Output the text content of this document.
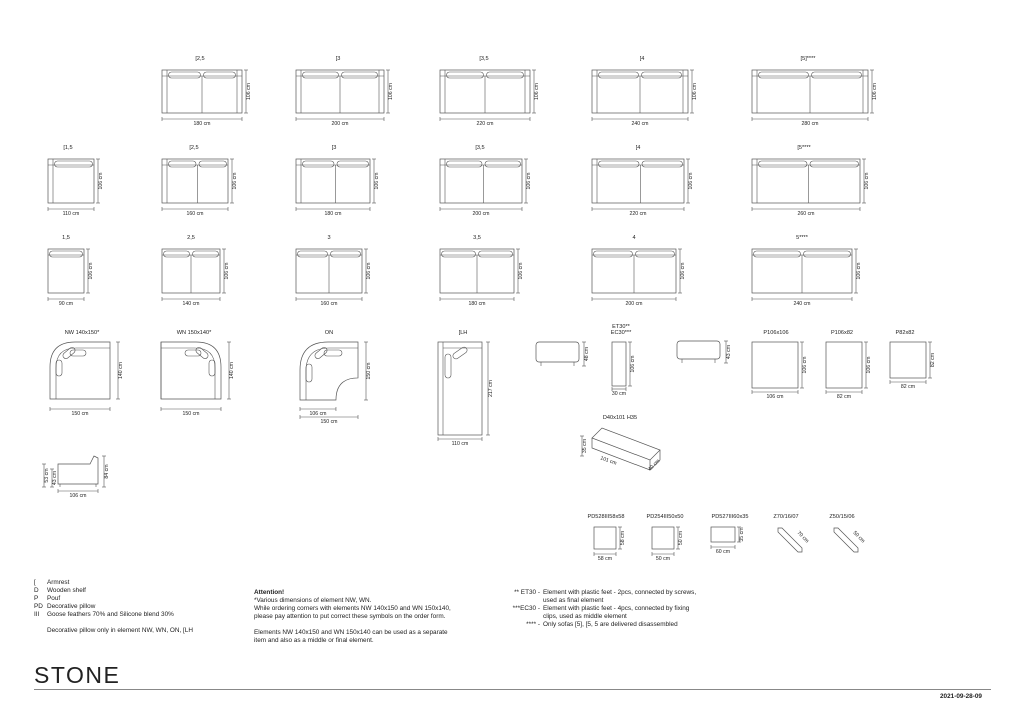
[2,5
180 cm
106 cm
[3
200 cm
106 cm
[3,5
220 cm
106 cm
[4
240 cm
106 cm
[5]****
280 cm
106 cm
[1,5
110 cm
106 cm
[2,5
160 cm
106 cm
[3
180 cm
106 cm
[3,5
200 cm
106 cm
[4
220 cm
106 cm
[5****
260 cm
106 cm
1,5
90 cm
106 cm
2,5
140 cm
106 cm
3
160 cm
106 cm
3,5
180 cm
106 cm
4
200 cm
106 cm
5****
240 cm
106 cm
NW 140x150*
150 cm
140 cm
WN 150x140*
150 cm
140 cm
ON
106 cm
150 cm
150 cm
[LH
110 cm
217 cm
84 cm
53 cm 43 cm
106 cm
48 cm
ET30**
EC30***
106 cm
30 cm
43 cm
P106x106
106 cm
106 cm
P106x82
82 cm
106 cm
P82x82
82 cm
82 cm
D40x101 H35
35 cm
101 cm	40 cm
PD528III58x58
58 cm
58 cm
PD254III50x50
50 cm
50 cm
PD527III60x35
60 cm
35 cm
Z70/16/07
70 cm
Z50/15/06
50 cm
[	Armrest
D	Wooden shelf
P	Pouf
PD Decorative pillow
III	Goose feathers 70% and Silicone blend 30%
Decorative pillow only in element NW, WN, ON, [LH
Attention!
*Various dimensions of element NW, WN.
While ordering corners with elements NW 140x150 and WN 150x140,
please pay attention to put correct these symbols on the order form.
Elements NW 140x150 and WN 150x140 can be used as a separate
item and also as a middle or final element.
** ET30 - Element with plastic feet - 2pcs, connected by screws,
used as final element
***EC30 - Element with plastic feet - 4pcs, connected by fixing
clips, used as middle element
**** - Only sofas [5], [5, 5 are delivered disassembled
STONE
2021-09-28-09
